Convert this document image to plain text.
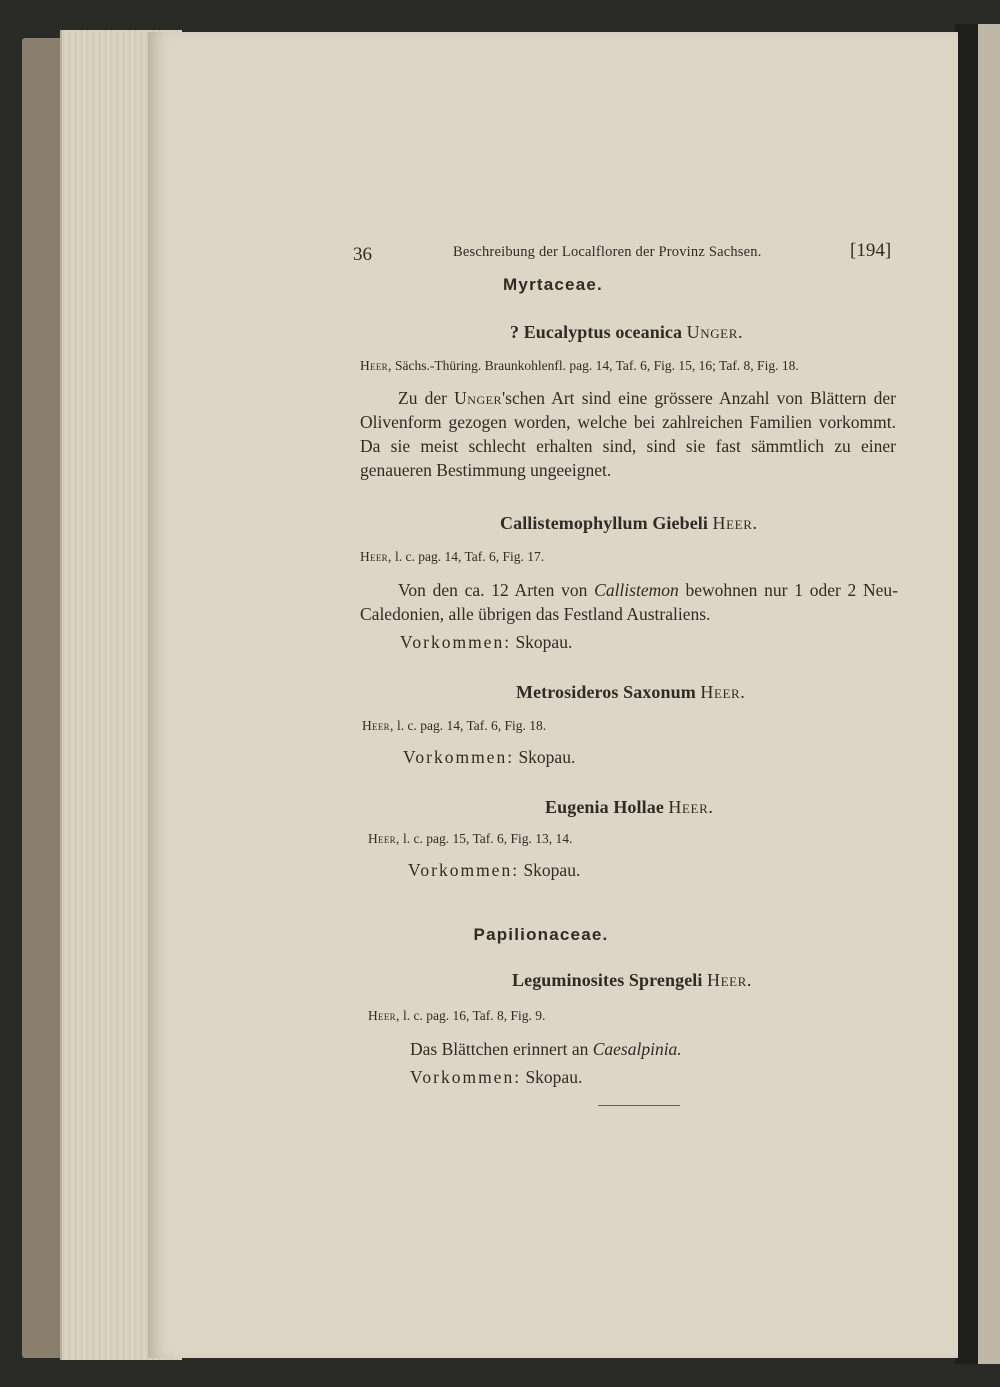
36	Beschreibung der Localfloren der Provinz Sachsen.	[194]
Myrtaceae.
? Eucalyptus oceanica Unger.
Heer, Sächs.-Thüring. Braunkohlenfl. pag. 14, Taf. 6, Fig. 15, 16; Taf. 8, Fig. 18.
Zu der Unger'schen Art sind eine grössere Anzahl von Blättern der Olivenform gezogen worden, welche bei zahlreichen Familien vorkommt. Da sie meist schlecht erhalten sind, sind sie fast sämmtlich zu einer genaueren Bestimmung ungeeignet.
Callistemophyllum Giebeli Heer.
Heer, l. c. pag. 14, Taf. 6, Fig. 17.
Von den ca. 12 Arten von Callistemon bewohnen nur 1 oder 2 Neu-Caledonien, alle übrigen das Festland Australiens.
Vorkommen: Skopau.
Metrosideros Saxonum Heer.
Heer, l. c. pag. 14, Taf. 6, Fig. 18.
Vorkommen: Skopau.
Eugenia Hollae Heer.
Heer, l. c. pag. 15, Taf. 6, Fig. 13, 14.
Vorkommen: Skopau.
Papilionaceae.
Leguminosites Sprengeli Heer.
Heer, l. c. pag. 16, Taf. 8, Fig. 9.
Das Blättchen erinnert an Caesalpinia.
Vorkommen: Skopau.
